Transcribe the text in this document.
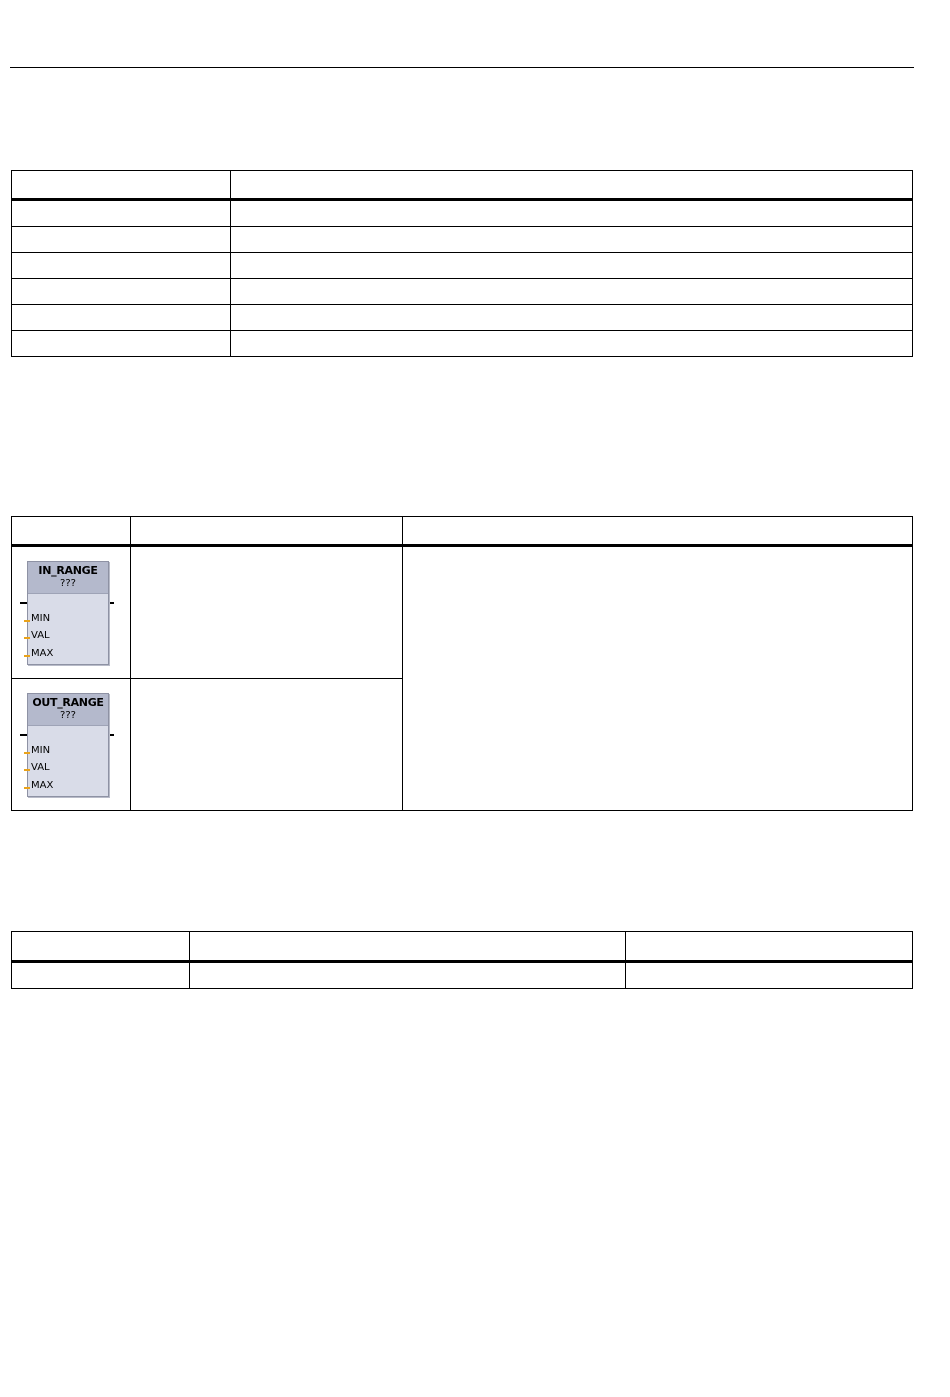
IN_RANGE
???
MIN
VAL
MAX		

OUT_RANGE
???
MIN
VAL
MAX		
